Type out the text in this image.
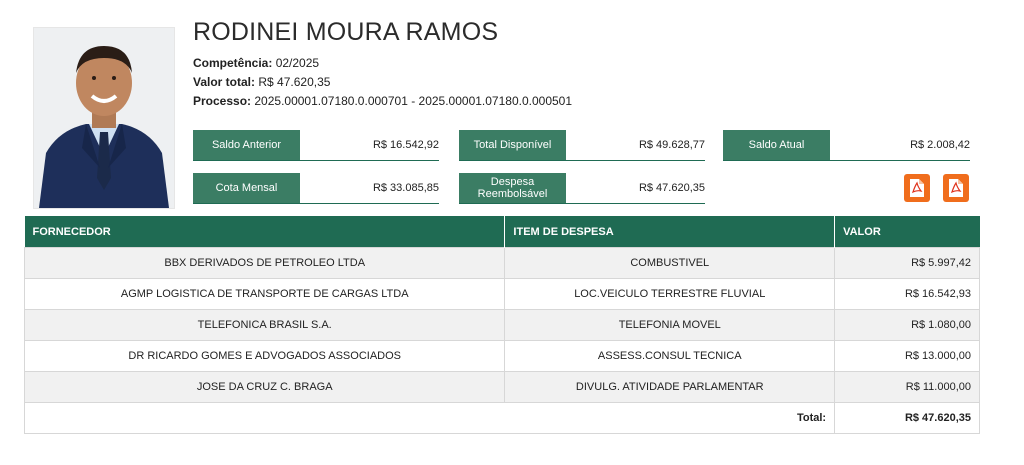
RODINEI MOURA RAMOS
Competência: 02/2025
Valor total: R$ 47.620,35
Processo: 2025.00001.07180.0.000701 - 2025.00001.07180.0.000501
Saldo Anterior	R$ 16.542,92	Total Disponível	R$ 49.628,77	Saldo Atual	R$ 2.008,42
Cota Mensal	R$ 33.085,85	Despesa
Reembolsável	R$ 47.620,35
FORNECEDOR	ITEM DE DESPESA	VALOR
BBX DERIVADOS DE PETROLEO LTDA	COMBUSTIVEL	R$ 5.997,42
AGMP LOGISTICA DE TRANSPORTE DE CARGAS LTDA	LOC.VEICULO TERRESTRE FLUVIAL	R$ 16.542,93
TELEFONICA BRASIL S.A.	TELEFONIA MOVEL	R$ 1.080,00
DR RICARDO GOMES E ADVOGADOS ASSOCIADOS	ASSESS.CONSUL TECNICA	R$ 13.000,00
JOSE DA CRUZ C. BRAGA	DIVULG. ATIVIDADE PARLAMENTAR	R$ 11.000,00
Total:		R$ 47.620,35
